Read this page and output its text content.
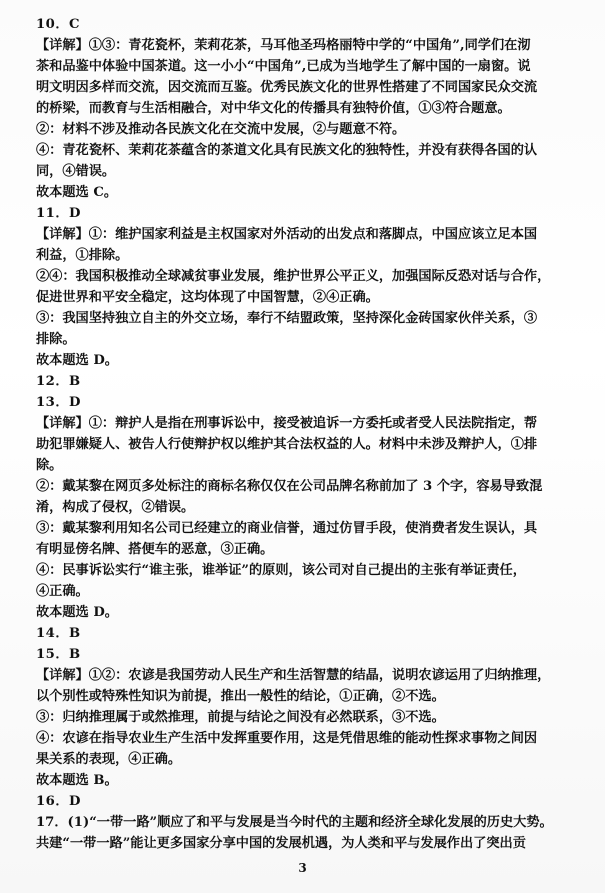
10．C
【详解】①③：青花瓷杯，茉莉花茶，马耳他圣玛格丽特中学的“中国角”,同学们在沏
茶和品鉴中体验中国茶道。这一小小“中国角”,已成为当地学生了解中国的一扇窗。说
明文明因多样而交流，因交流而互鉴。优秀民族文化的世界性搭建了不同国家民众交流
的桥梁，而教育与生活相融合，对中华文化的传播具有独特价值，①③符合题意。
②：材料不涉及推动各民族文化在交流中发展，②与题意不符。
④：青花瓷杯、茉莉花茶蕴含的茶道文化具有民族文化的独特性，并没有获得各国的认
同，④错误。
故本题选 C。
11．D
【详解】①：维护国家利益是主权国家对外活动的出发点和落脚点，中国应该立足本国
利益，①排除。
②④：我国积极推动全球减贫事业发展，维护世界公平正义，加强国际反恐对话与合作，
促进世界和平安全稳定，这均体现了中国智慧，②④正确。
③：我国坚持独立自主的外交立场，奉行不结盟政策，坚持深化金砖国家伙伴关系，③
排除。
故本题选 D。
12．B
13．D
【详解】①：辩护人是指在刑事诉讼中，接受被追诉一方委托或者受人民法院指定，帮
助犯罪嫌疑人、被告人行使辩护权以维护其合法权益的人。材料中未涉及辩护人，①排
除。
②：戴某黎在网页多处标注的商标名称仅仅在公司品牌名称前加了 3 个字，容易导致混
淆，构成了侵权，②错误。
③：戴某黎利用知名公司已经建立的商业信誉，通过仿冒手段，使消费者发生误认，具
有明显傍名牌、搭便车的恶意，③正确。
④：民事诉讼实行“谁主张，谁举证”的原则，该公司对自己提出的主张有举证责任，
④正确。
故本题选 D。
14．B
15．B
【详解】①②：农谚是我国劳动人民生产和生活智慧的结晶，说明农谚运用了归纳推理，
以个别性或特殊性知识为前提，推出一般性的结论，①正确，②不选。
③：归纳推理属于或然推理，前提与结论之间没有必然联系，③不选。
④：农谚在指导农业生产生活中发挥重要作用，这是凭借思维的能动性探求事物之间因
果关系的表现，④正确。
故本题选 B。
16．D
17．(1)“一带一路”顺应了和平与发展是当今时代的主题和经济全球化发展的历史大势。
共建“一带一路”能让更多国家分享中国的发展机遇，为人类和平与发展作出了突出贡
3
